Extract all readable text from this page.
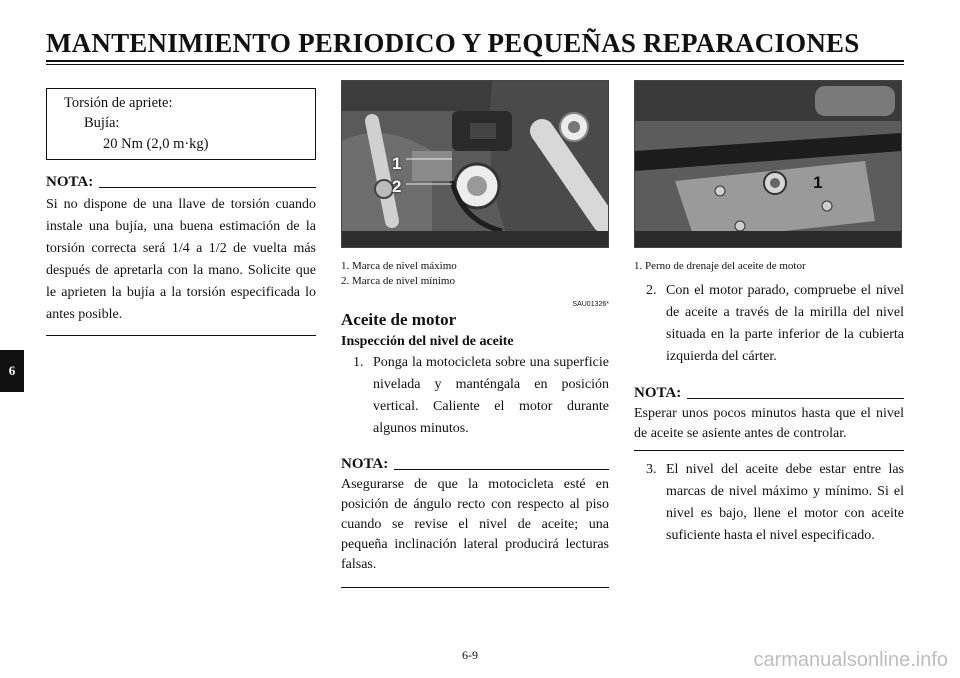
MANTENIMIENTO PERIODICO Y PEQUEÑAS REPARACIONES
6
Torsión de apriete:
Bujía:
20 Nm (2,0 m·kg)
NOTA:

Si no dispone de una llave de torsión cuando instale una bujía, una buena estimación de la torsión correcta será 1/4 a 1/2 de vuelta más después de apretarla con la mano. Solicite que le aprieten la bujía a la torsión especificada lo antes posible.

1
2
1. Marca de nivel máximo
2. Marca de nivel mínimo
SAU01326*
Aceite de motor
Inspección del nivel de aceite
1. Ponga la motocicleta sobre una superficie nivelada y manténgala en posición vertical. Caliente el motor durante algunos minutos.
NOTA:

Asegurarse de que la motocicleta esté en posición de ángulo recto con respecto al piso cuando se revise el nivel de aceite; una pequeña inclinación lateral producirá lecturas falsas.

1
1. Perno de drenaje del aceite de motor
2. Con el motor parado, compruebe el nivel de aceite a través de la mirilla del nivel situada en la parte inferior de la cubierta izquierda del cárter.
NOTA:

Esperar unos pocos minutos hasta que el nivel de aceite se asiente antes de controlar.

3. El nivel del aceite debe estar entre las marcas de nivel máximo y mínimo. Si el nivel es bajo, llene el motor con aceite suficiente hasta el nivel especificado.
6-9	carmanualsonline.info
